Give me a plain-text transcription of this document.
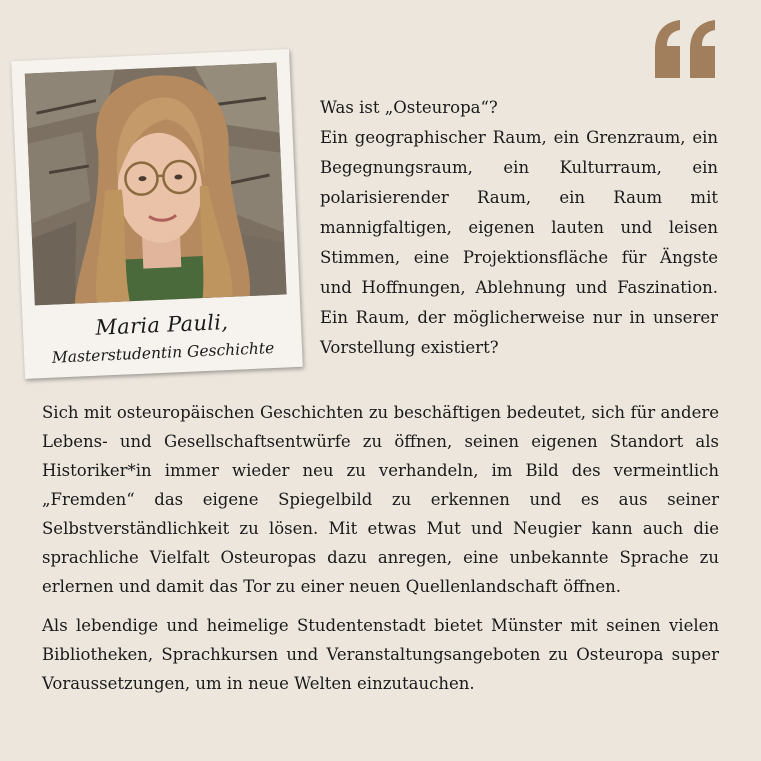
Maria Pauli,
Masterstudentin Geschichte

Was ist „Osteuropa“?

Ein geographischer Raum, ein Grenzraum, ein Begegnungsraum, ein Kulturraum, ein polarisierender Raum, ein Raum mit mannigfaltigen, eigenen lauten und leisen Stimmen, eine Projektionsfläche für Ängste und Hoffnungen, Ablehnung und Faszination. Ein Raum, der möglicherweise nur in unserer Vorstellung existiert?

Sich mit osteuropäischen Geschichten zu beschäftigen bedeutet, sich für andere Lebens- und Gesellschaftsentwürfe zu öffnen, seinen eigenen Standort als Historiker*in immer wieder neu zu verhandeln, im Bild des vermeintlich „Fremden“ das eigene Spiegelbild zu erkennen und es aus seiner Selbstverständlichkeit zu lösen. Mit etwas Mut und Neugier kann auch die sprachliche Vielfalt Osteuropas dazu anregen, eine unbekannte Sprache zu erlernen und damit das Tor zu einer neuen Quellenlandschaft öffnen.

Als lebendige und heimelige Studentenstadt bietet Münster mit seinen vielen Bibliotheken, Sprachkursen und Veranstaltungsangeboten zu Osteuropa super Voraussetzungen, um in neue Welten einzutauchen.
